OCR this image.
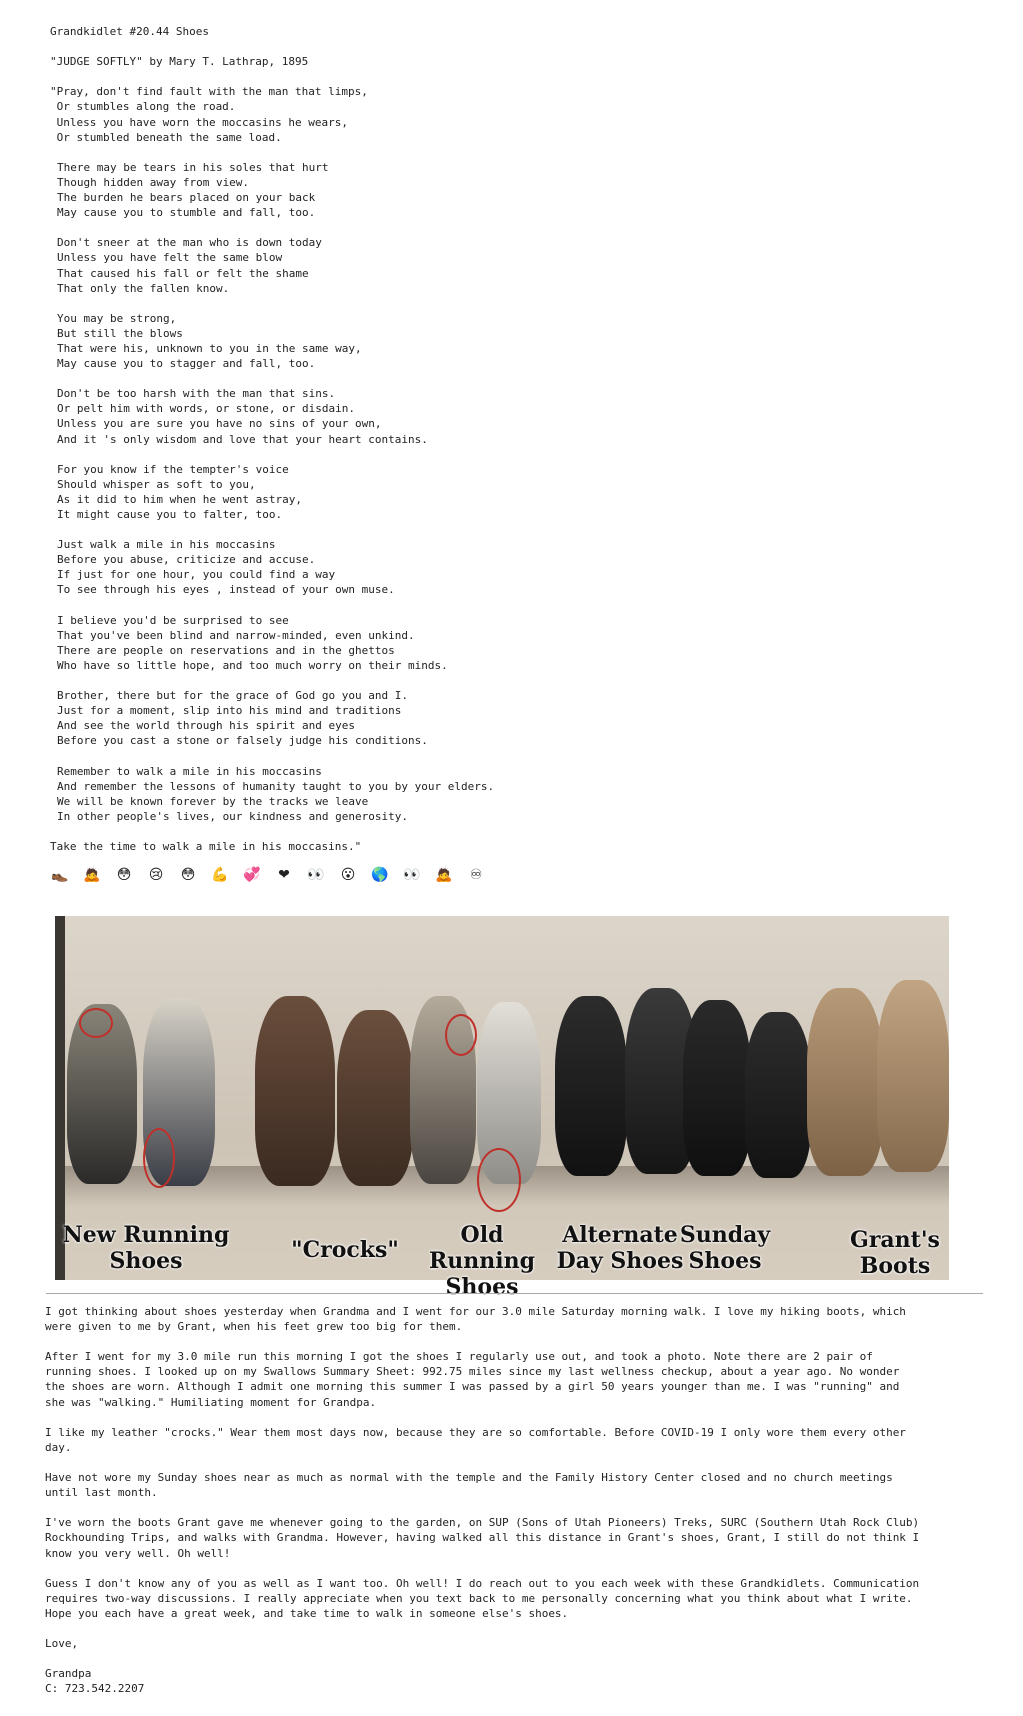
Grandkidlet #20.44 Shoes

"JUDGE SOFTLY" by Mary T. Lathrap, 1895

"Pray, don't find fault with the man that limps,

Or stumbles along the road.

Unless you have worn the moccasins he wears,

Or stumbled beneath the same load.

There may be tears in his soles that hurt

Though hidden away from view.

The burden he bears placed on your back

May cause you to stumble and fall, too.

Don't sneer at the man who is down today

Unless you have felt the same blow

That caused his fall or felt the shame

That only the fallen know.

You may be strong,

But still the blows

That were his, unknown to you in the same way,

May cause you to stagger and fall, too.

Don't be too harsh with the man that sins.

Or pelt him with words, or stone, or disdain.

Unless you are sure you have no sins of your own,

And it 's only wisdom and love that your heart contains.

For you know if the tempter's voice

Should whisper as soft to you,

As it did to him when he went astray,

It might cause you to falter, too.

Just walk a mile in his moccasins

Before you abuse, criticize and accuse.

If just for one hour, you could find a way

To see through his eyes , instead of your own muse.

I believe you'd be surprised to see

That you've been blind and narrow-minded, even unkind.

There are people on reservations and in the ghettos

Who have so little hope, and too much worry on their minds.

Brother, there but for the grace of God go you and I.

Just for a moment, slip into his mind and traditions

And see the world through his spirit and eyes

Before you cast a stone or falsely judge his conditions.

Remember to walk a mile in his moccasins

And remember the lessons of humanity taught to you by your elders.

We will be known forever by the tracks we leave

In other people's lives, our kindness and generosity.

Take the time to walk a mile in his moccasins."

👞 🙇 😳 😢 😳 💪 💞 ❤ 👀 😮 🌎 👀 🙇 ♾
New Running
Shoes	"Crocks"
Old Running
Shoes
Alternate
Day Shoes
Sunday
Shoes
Grant's
Boots

I got thinking about shoes yesterday when Grandma and I went for our 3.0 mile Saturday morning walk. I love my hiking boots, which

were given to me by Grant, when his feet grew too big for them.

After I went for my 3.0 mile run this morning I got the shoes I regularly use out, and took a photo. Note there are 2 pair of

running shoes. I looked up on my Swallows Summary Sheet: 992.75 miles since my last wellness checkup, about a year ago. No wonder

the shoes are worn. Although I admit one morning this summer I was passed by a girl 50 years younger than me. I was "running" and

she was "walking." Humiliating moment for Grandpa.

I like my leather "crocks." Wear them most days now, because they are so comfortable. Before COVID-19 I only wore them every other

day.

Have not wore my Sunday shoes near as much as normal with the temple and the Family History Center closed and no church meetings

until last month.

I've worn the boots Grant gave me whenever going to the garden, on SUP (Sons of Utah Pioneers) Treks, SURC (Southern Utah Rock Club)

Rockhounding Trips, and walks with Grandma. However, having walked all this distance in Grant's shoes, Grant, I still do not think I

know you very well. Oh well!

Guess I don't know any of you as well as I want too. Oh well! I do reach out to you each week with these Grandkidlets. Communication

requires two-way discussions. I really appreciate when you text back to me personally concerning what you think about what I write.

Hope you each have a great week, and take time to walk in someone else's shoes.

Love,

Grandpa

C: 723.542.2207
